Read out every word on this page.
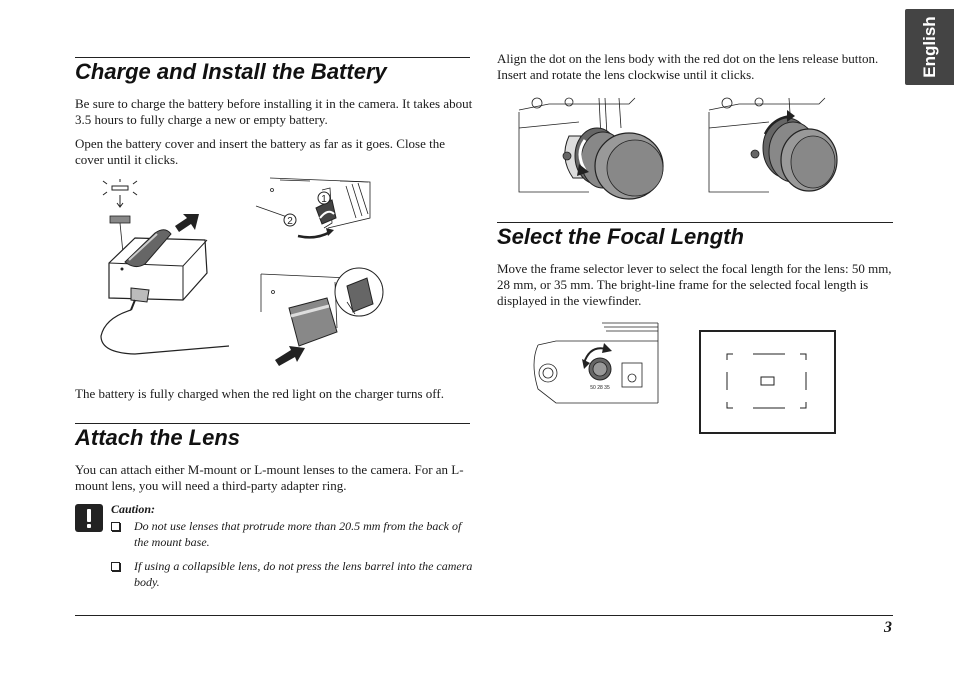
English
Charge and Install the Battery

Be sure to charge the battery before installing it in the camera. It takes about 3.5 hours to fully charge a new or empty battery.

Open the battery cover and insert the battery as far as it goes. Close the cover until it clicks.

1
2

The battery is fully charged when the red light on the charger turns off.

Attach the Lens

You can attach either M-mount or L-mount lenses to the camera. For an L-mount lens, you will need a third-party adapter ring.

Caution:
Do not use lenses that protrude more than 20.5 mm from the back of the mount base.
If using a collapsible lens, do not press the lens barrel into the camera body.

Align the dot on the lens body with the red dot on the lens release button. Insert and rotate the lens clockwise until it clicks.

Select the Focal Length

Move the frame selector lever to select the focal length for the lens: 50 mm, 28 mm, or 35 mm. The bright-line frame for the selected focal length is displayed in the viewfinder.

50 28 35
3
